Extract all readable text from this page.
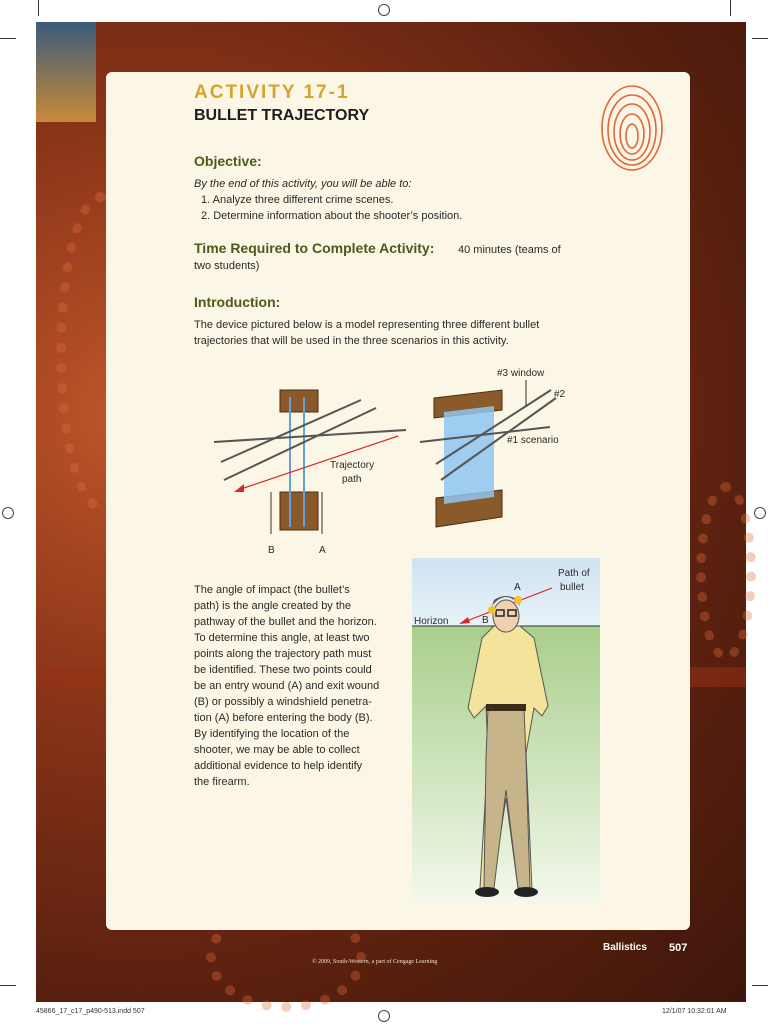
ACTIVITY 17-1
BULLET TRAJECTORY
Objective:
By the end of this activity, you will be able to:
1. Analyze three different crime scenes.
2. Determine information about the shooter’s position.
Time Required to Complete Activity: 40 minutes (teams of
two students)
Introduction:
The device pictured below is a model representing three different bullet
trajectories that will be used in the three scenarios in this activity.
Trajectory
path
B	A
#3 window
#2
#1 scenario
The angle of impact (the bullet’s
path) is the angle created by the
pathway of the bullet and the horizon.
To determine this angle, at least two
points along the trajectory path must
be identified. These two points could
be an entry wound (A) and exit wound
(B) or possibly a windshield penetra-
tion (A) before entering the body (B).
By identifying the location of the
shooter, we may be able to collect
additional evidence to help identify
the firearm.
Path of
bullet
Horizon
A
B
Ballistics 507
© 2009, South-Western, a part of Cengage Learning
45866_17_c17_p490-513.indd 507	12/1/07 10:32:01 AM
